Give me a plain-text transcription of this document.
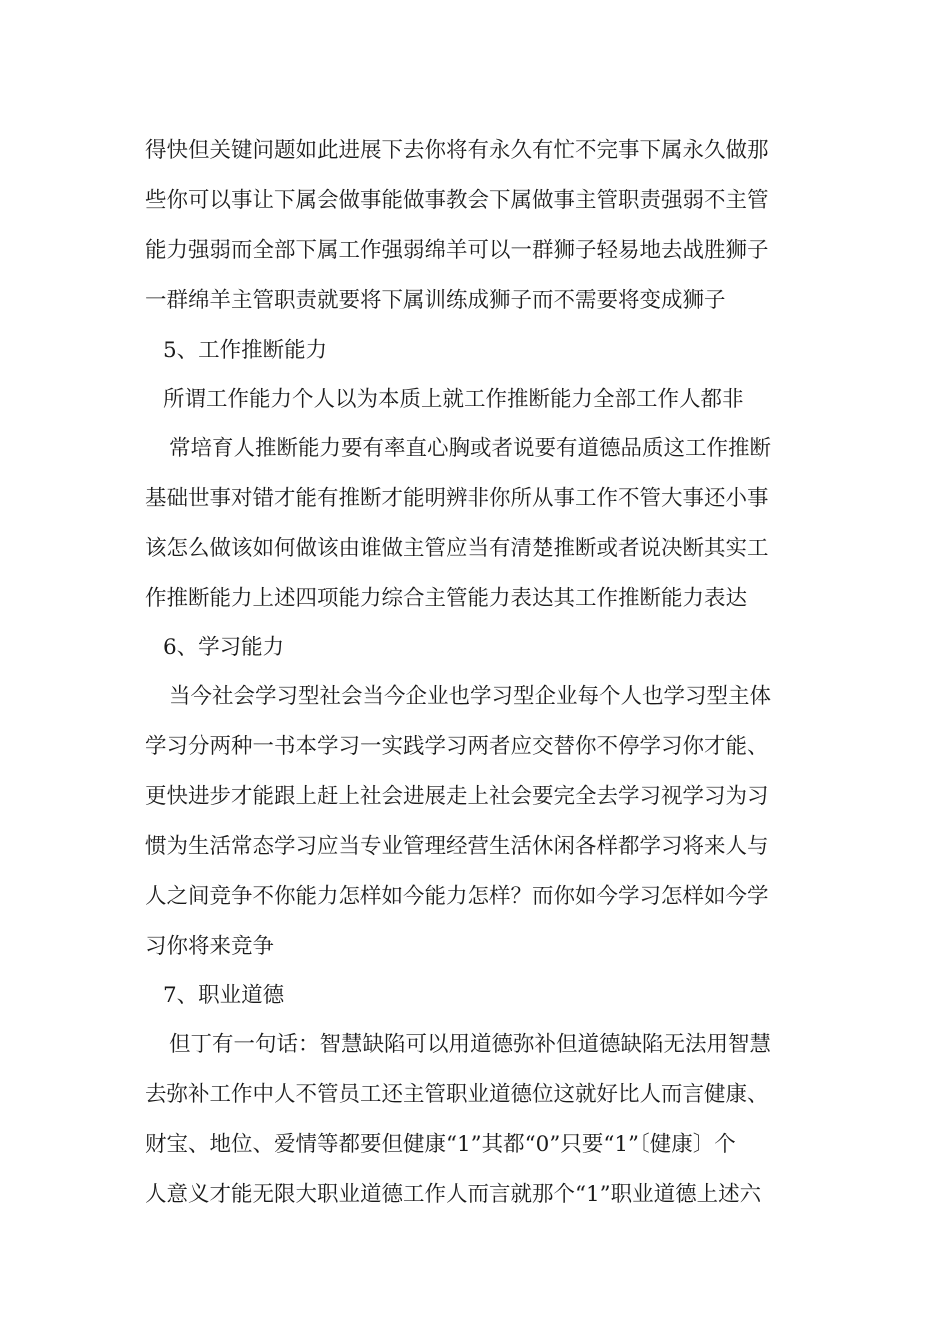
得快但关键问题如此进展下去你将有永久有忙不完事下属永久做那
些你可以事让下属会做事能做事教会下属做事主管职责强弱不主管
能力强弱而全部下属工作强弱绵羊可以一群狮子轻易地去战胜狮子
一群绵羊主管职责就要将下属训练成狮子而不需要将变成狮子
5、工作推断能力
所谓工作能力个人以为本质上就工作推断能力全部工作人都非
常培育人推断能力要有率直心胸或者说要有道德品质这工作推断
基础世事对错才能有推断才能明辨非你所从事工作不管大事还小事
该怎么做该如何做该由谁做主管应当有清楚推断或者说决断其实工
作推断能力上述四项能力综合主管能力表达其工作推断能力表达
6、学习能力
当今社会学习型社会当今企业也学习型企业每个人也学习型主体
学习分两种一书本学习一实践学习两者应交替你不停学习你才能、
更快进步才能跟上赶上社会进展走上社会要完全去学习视学习为习
惯为生活常态学习应当专业管理经营生活休闲各样都学习将来人与
人之间竞争不你能力怎样如今能力怎样？而你如今学习怎样如今学
习你将来竞争
7、职业道德
但丁有一句话：智慧缺陷可以用道德弥补但道德缺陷无法用智慧
去弥补工作中人不管员工还主管职业道德位这就好比人而言健康、
财宝、地位、爱情等都要但健康“1”其都“0”只要“1”〔健康〕个
人意义才能无限大职业道德工作人而言就那个“1”职业道德上述六
